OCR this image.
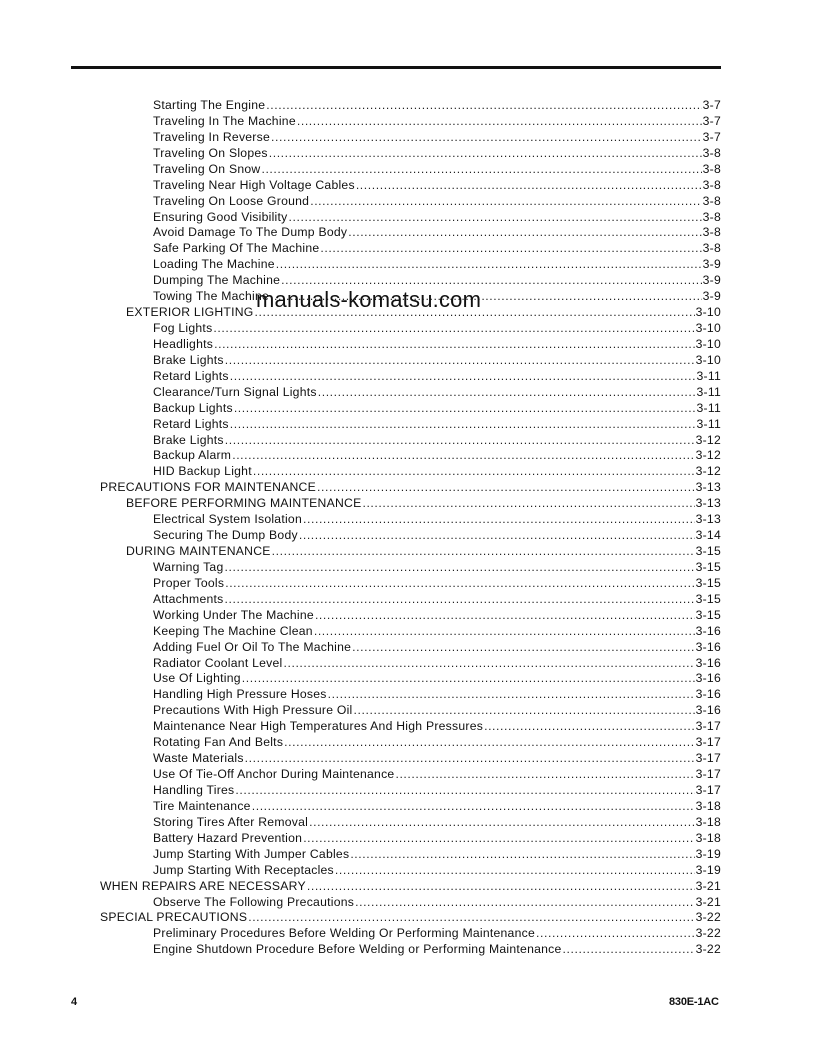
Starting The Engine .....	3-7
Traveling In The Machine .....	3-7
Traveling In Reverse .....	3-7
Traveling On Slopes .....	3-8
Traveling On Snow .....	3-8
Traveling Near High Voltage Cables .....	3-8
Traveling On Loose Ground .....	3-8
Ensuring Good Visibility .....	3-8
Avoid Damage To The Dump Body .....	3-8
Safe Parking Of The Machine .....	3-8
Loading The Machine .....	3-9
Dumping The Machine .....	3-9
Towing The Machine .....	3-9
EXTERIOR LIGHTING .....	3-10
Fog Lights .....	3-10
Headlights .....	3-10
Brake Lights .....	3-10
Retard Lights .....	3-11
Clearance/Turn Signal Lights .....	3-11
Backup Lights .....	3-11
Retard Lights .....	3-11
Brake Lights .....	3-12
Backup Alarm .....	3-12
HID Backup Light .....	3-12
PRECAUTIONS FOR MAINTENANCE .....	3-13
BEFORE PERFORMING MAINTENANCE .....	3-13
Electrical System Isolation .....	3-13
Securing The Dump Body .....	3-14
DURING MAINTENANCE .....	3-15
Warning Tag .....	3-15
Proper Tools .....	3-15
Attachments .....	3-15
Working Under The Machine .....	3-15
Keeping The Machine Clean .....	3-16
Adding Fuel Or Oil To The Machine .....	3-16
Radiator Coolant Level .....	3-16
Use Of Lighting .....	3-16
Handling High Pressure Hoses .....	3-16
Precautions With High Pressure Oil .....	3-16
Maintenance Near High Temperatures And High Pressures .....	3-17
Rotating Fan And Belts .....	3-17
Waste Materials .....	3-17
Use Of Tie-Off Anchor During Maintenance .....	3-17
Handling Tires .....	3-17
Tire Maintenance .....	3-18
Storing Tires After Removal .....	3-18
Battery Hazard Prevention .....	3-18
Jump Starting With Jumper Cables .....	3-19
Jump Starting With Receptacles .....	3-19
WHEN REPAIRS ARE NECESSARY .....	3-21
Observe The Following Precautions .....	3-21
SPECIAL PRECAUTIONS .....	3-22
Preliminary Procedures Before Welding Or Performing Maintenance .....	3-22
Engine Shutdown Procedure Before Welding or Performing Maintenance .....	3-22
manuals-komatsu.com
4	830E-1AC
